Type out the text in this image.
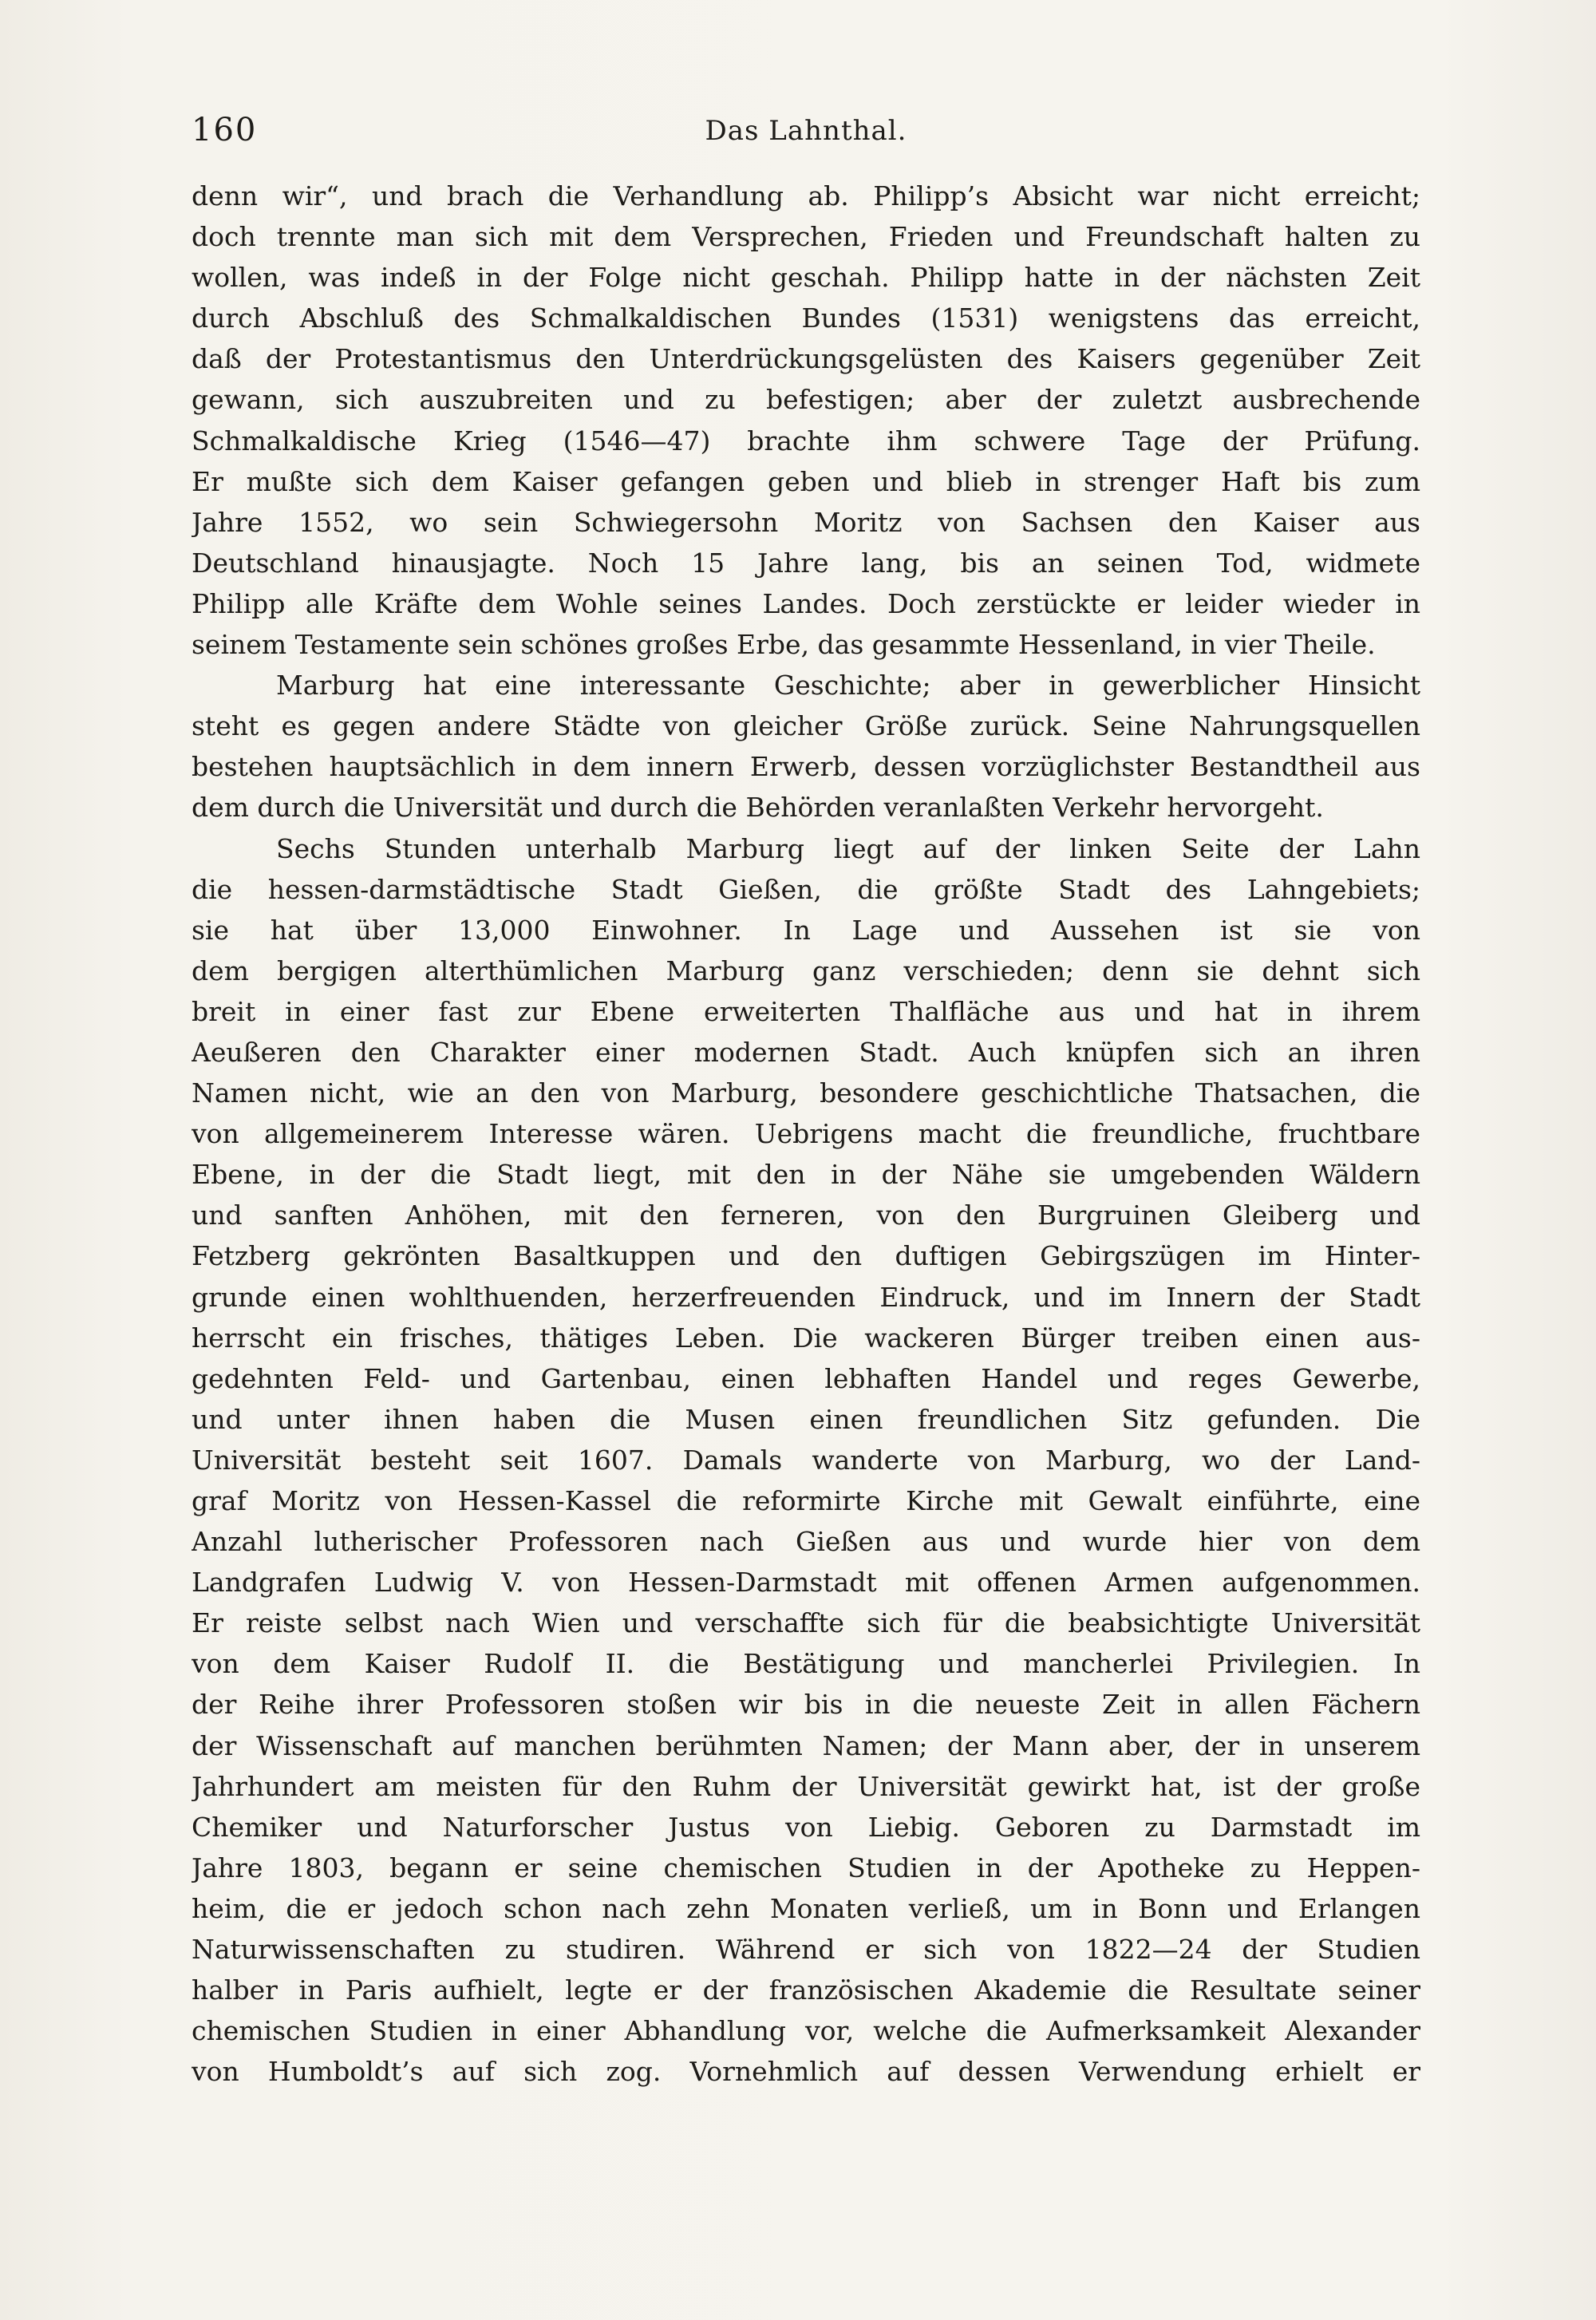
160	Das Lahnthal.
denn wir“, und brach die Verhandlung ab. Philipp’s Absicht war nicht erreicht;
doch trennte man sich mit dem Versprechen, Frieden und Freundschaft halten zu
wollen, was indeß in der Folge nicht geschah. Philipp hatte in der nächsten Zeit
durch Abschluß des Schmalkaldischen Bundes (1531) wenigstens das erreicht,
daß der Protestantismus den Unterdrückungsgelüsten des Kaisers gegenüber Zeit
gewann, sich auszubreiten und zu befestigen; aber der zuletzt ausbrechende
Schmalkaldische Krieg (1546—47) brachte ihm schwere Tage der Prüfung.
Er mußte sich dem Kaiser gefangen geben und blieb in strenger Haft bis zum
Jahre 1552, wo sein Schwiegersohn Moritz von Sachsen den Kaiser aus
Deutschland hinausjagte. Noch 15 Jahre lang, bis an seinen Tod, widmete
Philipp alle Kräfte dem Wohle seines Landes. Doch zerstückte er leider wieder in
seinem Testamente sein schönes großes Erbe, das gesammte Hessenland, in vier Theile.
Marburg hat eine interessante Geschichte; aber in gewerblicher Hinsicht
steht es gegen andere Städte von gleicher Größe zurück. Seine Nahrungsquellen
bestehen hauptsächlich in dem innern Erwerb, dessen vorzüglichster Bestandtheil aus
dem durch die Universität und durch die Behörden veranlaßten Verkehr hervorgeht.
Sechs Stunden unterhalb Marburg liegt auf der linken Seite der Lahn
die hessen-darmstädtische Stadt Gießen, die größte Stadt des Lahngebiets;
sie hat über 13,000 Einwohner. In Lage und Aussehen ist sie von
dem bergigen alterthümlichen Marburg ganz verschieden; denn sie dehnt sich
breit in einer fast zur Ebene erweiterten Thalfläche aus und hat in ihrem
Aeußeren den Charakter einer modernen Stadt. Auch knüpfen sich an ihren
Namen nicht, wie an den von Marburg, besondere geschichtliche Thatsachen, die
von allgemeinerem Interesse wären. Uebrigens macht die freundliche, fruchtbare
Ebene, in der die Stadt liegt, mit den in der Nähe sie umgebenden Wäldern
und sanften Anhöhen, mit den ferneren, von den Burgruinen Gleiberg und
Fetzberg gekrönten Basaltkuppen und den duftigen Gebirgszügen im Hinter-
grunde einen wohlthuenden, herzerfreuenden Eindruck, und im Innern der Stadt
herrscht ein frisches, thätiges Leben. Die wackeren Bürger treiben einen aus-
gedehnten Feld- und Gartenbau, einen lebhaften Handel und reges Gewerbe,
und unter ihnen haben die Musen einen freundlichen Sitz gefunden. Die
Universität besteht seit 1607. Damals wanderte von Marburg, wo der Land-
graf Moritz von Hessen-Kassel die reformirte Kirche mit Gewalt einführte, eine
Anzahl lutherischer Professoren nach Gießen aus und wurde hier von dem
Landgrafen Ludwig V. von Hessen-Darmstadt mit offenen Armen aufgenommen.
Er reiste selbst nach Wien und verschaffte sich für die beabsichtigte Universität
von dem Kaiser Rudolf II. die Bestätigung und mancherlei Privilegien. In
der Reihe ihrer Professoren stoßen wir bis in die neueste Zeit in allen Fächern
der Wissenschaft auf manchen berühmten Namen; der Mann aber, der in unserem
Jahrhundert am meisten für den Ruhm der Universität gewirkt hat, ist der große
Chemiker und Naturforscher Justus von Liebig. Geboren zu Darmstadt im
Jahre 1803, begann er seine chemischen Studien in der Apotheke zu Heppen-
heim, die er jedoch schon nach zehn Monaten verließ, um in Bonn und Erlangen
Naturwissenschaften zu studiren. Während er sich von 1822—24 der Studien
halber in Paris aufhielt, legte er der französischen Akademie die Resultate seiner
chemischen Studien in einer Abhandlung vor, welche die Aufmerksamkeit Alexander
von Humboldt’s auf sich zog. Vornehmlich auf dessen Verwendung erhielt er
